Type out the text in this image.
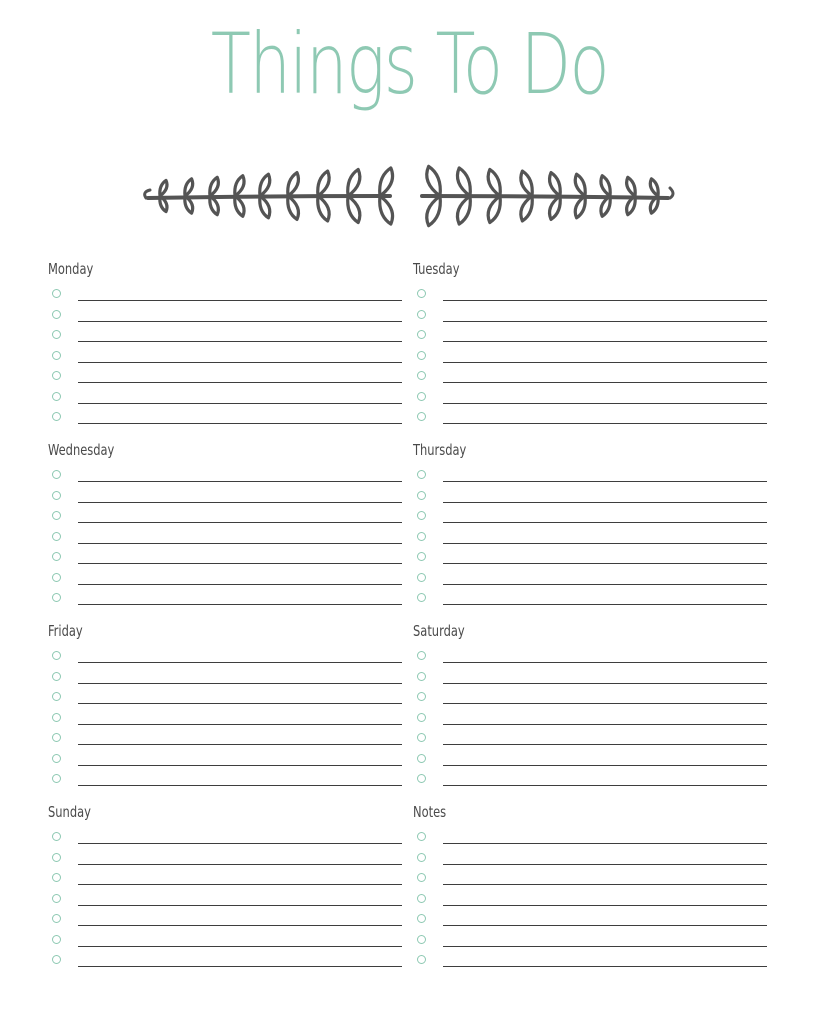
Things To Do
Monday	Tuesday
Wednesday	Thursday
Friday	Saturday
Sunday	Notes
